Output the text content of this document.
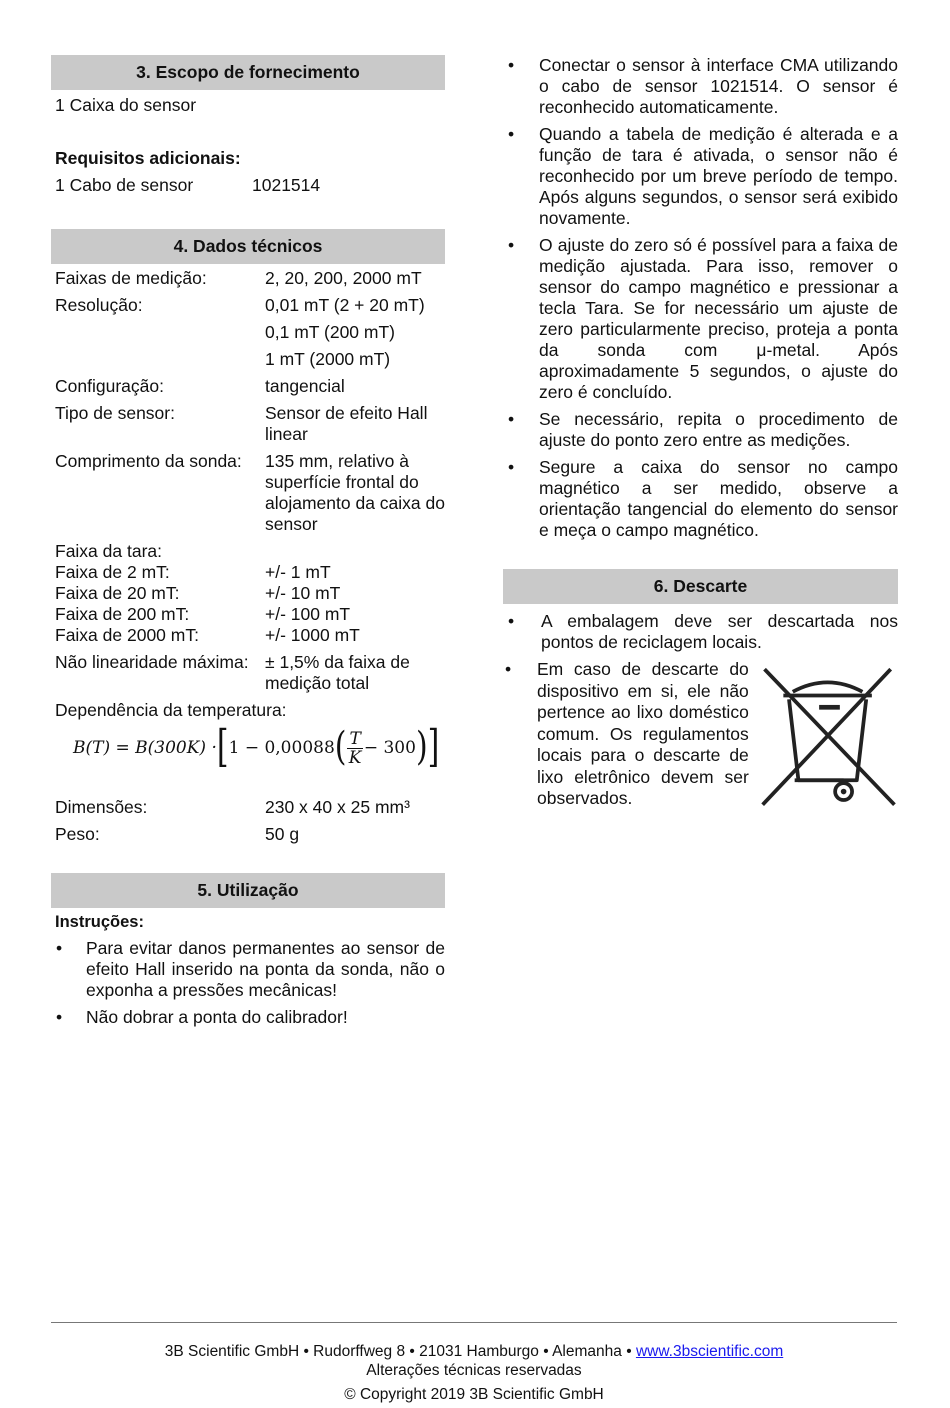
3. Escopo de fornecimento

1 Caixa do sensor

Requisitos adicionais:

1 Cabo de sensor	1021514
4. Dados técnicos
Faixas de medição:	2, 20, 200, 2000 mT
Resolução:	0,01 mT (2 + 20 mT)
0,1 mT (200 mT)
1 mT (2000 mT)
Configuração:	tangencial
Tipo de sensor:	Sensor de efeito Hall linear
Comprimento da sonda:	135 mm, relativo à superfície frontal do alojamento da caixa do sensor

Faixa da tara:

Faixa de 2 mT:	+/- 1 mT
Faixa de 20 mT:	+/- 10 mT
Faixa de 200 mT:	+/- 100 mT
Faixa de 2000 mT:	+/- 1000 mT
Não linearidade máxima: ± 1,5% da faixa de medição total

Dependência da temperatura:

B(T) = B(300K) · [ 1 − 0,00088 ( $\frac{T}{K} - 300$ ) ]
Dimensões:	230 x 40 x 25 mm³
Peso:	50 g
5. Utilização

Instruções:

• Para evitar danos permanentes ao sensor de efeito Hall inserido na ponta da sonda, não o exponha a pressões mecânicas!
• Não dobrar a ponta do calibrador!
• Conectar o sensor à interface CMA utilizando o cabo de sensor 1021514. O sensor é reconhecido automaticamente.
• Quando a tabela de medição é alterada e a função de tara é ativada, o sensor não é reconhecido por um breve período de tempo. Após alguns segundos, o sensor será exibido novamente.
• O ajuste do zero só é possível para a faixa de medição ajustada. Para isso, remover o sensor do campo magnético e pressionar a tecla Tara. Se for necessário um ajuste de zero particularmente preciso, proteja a ponta da sonda com μ-metal. Após aproximadamente 5 segundos, o ajuste do zero é concluído.
• Se necessário, repita o procedimento de ajuste do ponto zero entre as medições.
• Segure a caixa do sensor no campo magnético a ser medido, observe a orientação tangencial do elemento do sensor e meça o campo magnético.
6. Descarte
• A embalagem deve ser descartada nos pontos de reciclagem locais.
• Em caso de descarte do dispositivo em si, ele não pertence ao lixo doméstico comum. Os regulamentos locais para o descarte de lixo eletrônico devem ser observados.
3B Scientific GmbH • Rudorffweg 8 • 21031 Hamburgo • Alemanha • www.3bscientific.com
Alterações técnicas reservadas
© Copyright 2019 3B Scientific GmbH
